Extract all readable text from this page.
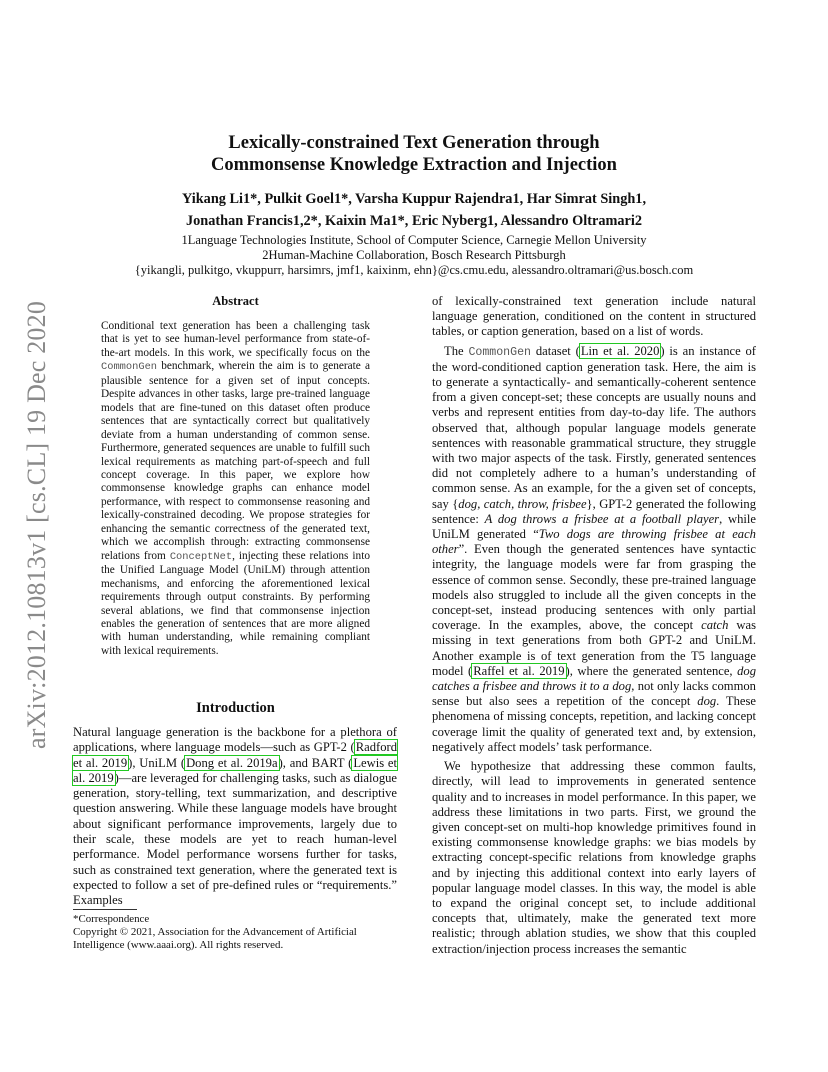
arXiv:2012.10813v1 [cs.CL] 19 Dec 2020
Lexically-constrained Text Generation through
Commonsense Knowledge Extraction and Injection
Yikang Li1*, Pulkit Goel1*, Varsha Kuppur Rajendra1, Har Simrat Singh1,
Jonathan Francis1,2*, Kaixin Ma1*, Eric Nyberg1, Alessandro Oltramari2
1Language Technologies Institute, School of Computer Science, Carnegie Mellon University
2Human-Machine Collaboration, Bosch Research Pittsburgh
{yikangli, pulkitgo, vkuppurr, harsimrs, jmf1, kaixinm, ehn}@cs.cmu.edu, alessandro.oltramari@us.bosch.com
Abstract
Conditional text generation has been a challenging task that is yet to see human-level performance from state-of-the-art models. In this work, we specifically focus on the CommonGen benchmark, wherein the aim is to generate a plausible sentence for a given set of input concepts. Despite advances in other tasks, large pre-trained language models that are fine-tuned on this dataset often produce sentences that are syntactically correct but qualitatively deviate from a human understanding of common sense. Furthermore, generated sequences are unable to fulfill such lexical requirements as matching part-of-speech and full concept coverage. In this paper, we explore how commonsense knowledge graphs can enhance model performance, with respect to commonsense reasoning and lexically-constrained decoding. We propose strategies for enhancing the semantic correctness of the generated text, which we accomplish through: extracting commonsense relations from ConceptNet, injecting these relations into the Unified Language Model (UniLM) through attention mechanisms, and enforcing the aforementioned lexical requirements through output constraints. By performing several ablations, we find that commonsense injection enables the generation of sentences that are more aligned with human understanding, while remaining compliant with lexical requirements.
Introduction
Natural language generation is the backbone for a plethora of applications, where language models—such as GPT-2 (Radford et al. 2019), UniLM (Dong et al. 2019a), and BART (Lewis et al. 2019)—are leveraged for challenging tasks, such as dialogue generation, story-telling, text summarization, and descriptive question answering. While these language models have brought about significant performance improvements, largely due to their scale, these models are yet to reach human-level performance. Model performance worsens further for tasks, such as constrained text generation, where the generated text is expected to follow a set of pre-defined rules or “requirements.” Examples
*Correspondence
Copyright © 2021, Association for the Advancement of Artificial Intelligence (www.aaai.org). All rights reserved.

of lexically-constrained text generation include natural language generation, conditioned on the content in structured tables, or caption generation, based on a list of words.

The CommonGen dataset (Lin et al. 2020) is an instance of the word-conditioned caption generation task. Here, the aim is to generate a syntactically- and semantically-coherent sentence from a given concept-set; these concepts are usually nouns and verbs and represent entities from day-to-day life. The authors observed that, although popular language models generate sentences with reasonable grammatical structure, they struggle with two major aspects of the task. Firstly, generated sentences did not completely adhere to a human’s understanding of common sense. As an example, for the a given set of concepts, say {dog, catch, throw, frisbee}, GPT-2 generated the following sentence: A dog throws a frisbee at a football player, while UniLM generated “Two dogs are throwing frisbee at each other”. Even though the generated sentences have syntactic integrity, the language models were far from grasping the essence of common sense. Secondly, these pre-trained language models also struggled to include all the given concepts in the concept-set, instead producing sentences with only partial coverage. In the examples, above, the concept catch was missing in text generations from both GPT-2 and UniLM. Another example is of text generation from the T5 language model (Raffel et al. 2019), where the generated sentence, dog catches a frisbee and throws it to a dog, not only lacks common sense but also sees a repetition of the concept dog. These phenomena of missing concepts, repetition, and lacking concept coverage limit the quality of generated text and, by extension, negatively affect models’ task performance.

We hypothesize that addressing these common faults, directly, will lead to improvements in generated sentence quality and to increases in model performance. In this paper, we address these limitations in two parts. First, we ground the given concept-set on multi-hop knowledge primitives found in existing commonsense knowledge graphs: we bias models by extracting concept-specific relations from knowledge graphs and by injecting this additional context into early layers of popular language model classes. In this way, the model is able to expand the original concept set, to include additional concepts that, ultimately, make the generated text more realistic; through ablation studies, we show that this coupled extraction/injection process increases the semantic
